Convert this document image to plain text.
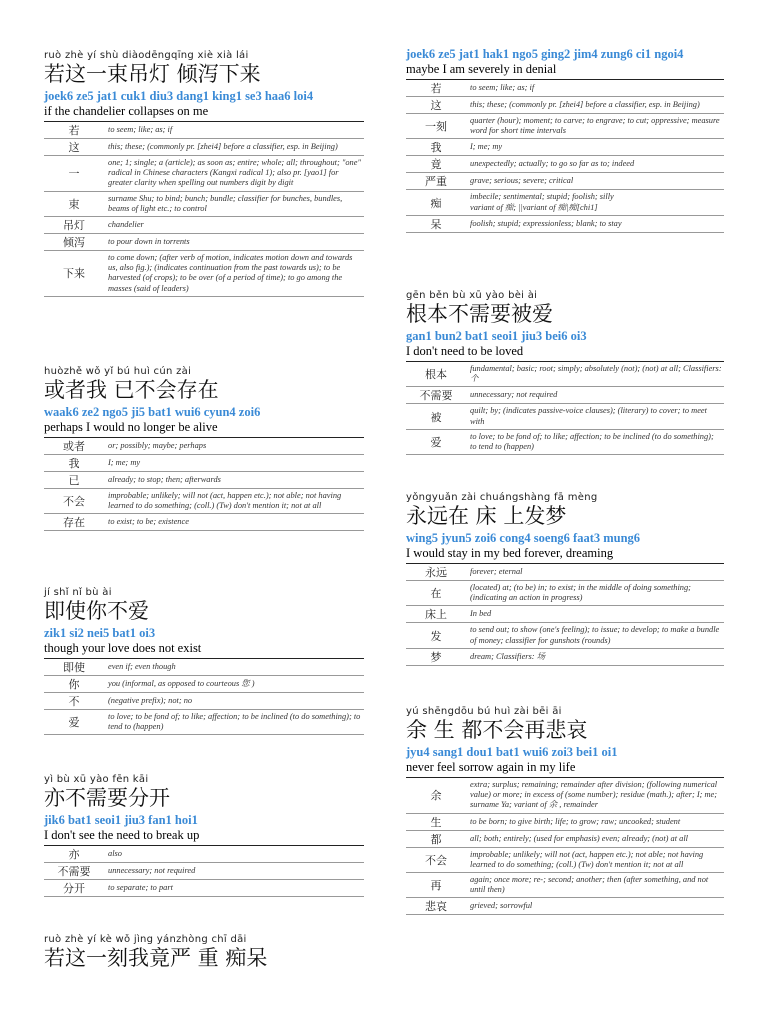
ruò zhè yí shù diàodēngqīng xiè xià lái
若这一束吊灯 倾泻下来
joek6 ze5 jat1 cuk1 diu3 dang1 king1 se3 haa6 loi4
if the chandelier collapses on me
若	to seem; like; as; if
这	this; these; (commonly pr. [zhei4] before a classifier, esp. in Beijing)
一	one; 1; single; a (article); as soon as; entire; whole; all; throughout; "one" radical in Chinese characters (Kangxi radical 1); also pr. [yao1] for greater clarity when spelling out numbers digit by digit
束	surname Shu; to bind; bunch; bundle; classifier for bunches, bundles, beams of light etc.; to control
吊灯	chandelier
倾泻	to pour down in torrents
下来	to come down; (after verb of motion, indicates motion down and towards us, also fig.); (indicates continuation from the past towards us); to be harvested (of crops); to be over (of a period of time); to go among the masses (said of leaders)
huòzhě wǒ yǐ bú huì cún zài
或者我 已不会存在
waak6 ze2 ngo5 ji5 bat1 wui6 cyun4 zoi6
perhaps I would no longer be alive
或者	or; possibly; maybe; perhaps
我	I; me; my
已	already; to stop; then; afterwards
不会	improbable; unlikely; will not (act, happen etc.); not able; not having learned to do something; (coll.) (Tw) don't mention it; not at all
存在	to exist; to be; existence
jí shǐ nǐ bù ài
即使你不爱
zik1 si2 nei5 bat1 oi3
though your love does not exist
即使	even if; even though
你	you (informal, as opposed to courteous 您 )
不	(negative prefix); not; no
爱	to love; to be fond of; to like; affection; to be inclined (to do something); to tend to (happen)
yì bù xū yào fēn kāi
亦不需要分开
jik6 bat1 seoi1 jiu3 fan1 hoi1
I don't see the need to break up
亦	also
不需要	unnecessary; not required
分开	to separate; to part
ruò zhè yí kè wǒ jìng yánzhòng chī dāi
若这一刻我竟严 重 痴呆
joek6 ze5 jat1 hak1 ngo5 ging2 jim4 zung6 ci1 ngoi4
maybe I am severely in denial
若	to seem; like; as; if
这	this; these; (commonly pr. [zhei4] before a classifier, esp. in Beijing)
一刻	quarter (hour); moment; to carve; to engrave; to cut; oppressive; measure word for short time intervals
我	I; me; my
竟	unexpectedly; actually; to go so far as to; indeed
严重	grave; serious; severe; critical
痴	imbecile; sentimental; stupid; foolish; silly
variant of 痴; ||variant of 痴|痴[chi1]
呆	foolish; stupid; expressionless; blank; to stay
gēn běn bù xū yào bèi ài
根本不需要被爱
gan1 bun2 bat1 seoi1 jiu3 bei6 oi3
I don't need to be loved
根本	fundamental; basic; root; simply; absolutely (not); (not) at all; Classifiers: 个
不需要	unnecessary; not required
被	quilt; by; (indicates passive-voice clauses); (literary) to cover; to meet with
爱	to love; to be fond of; to like; affection; to be inclined (to do something); to tend to (happen)
yǒngyuǎn zài chuángshàng fā mèng
永远在 床 上发梦
wing5 jyun5 zoi6 cong4 soeng6 faat3 mung6
I would stay in my bed forever, dreaming
永远	forever; eternal
在	(located) at; (to be) in; to exist; in the middle of doing something; (indicating an action in progress)
床上	In bed
发	to send out; to show (one's feeling); to issue; to develop; to make a bundle of money; classifier for gunshots (rounds)
梦	dream; Classifiers: 场
yú shēngdōu bú huì zài bēi āi
余 生 都不会再悲哀
jyu4 sang1 dou1 bat1 wui6 zoi3 bei1 oi1
never feel sorrow again in my life
余	extra; surplus; remaining; remainder after division; (following numerical value) or more; in excess of (some number); residue (math.); after; I; me; surname Ya; variant of 余 , remainder
生	to be born; to give birth; life; to grow; raw; uncooked; student
都	all; both; entirely; (used for emphasis) even; already; (not) at all
不会	improbable; unlikely; will not (act, happen etc.); not able; not having learned to do something; (coll.) (Tw) don't mention it; not at all
再	again; once more; re-; second; another; then (after something, and not until then)
悲哀	grieved; sorrowful
